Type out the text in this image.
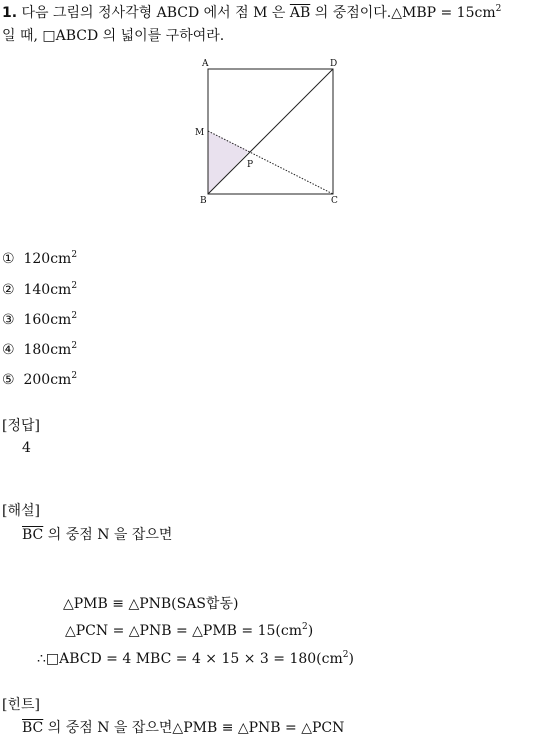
1. 다음 그림의 정사각형 ABCD 에서 점 M 은 $\overline{AB}$ 의 중점이다.△MBP = $15cm^2$
일 때, □ABCD 의 넓이를 구하여라.
A	D
M
P
B	C
① $120cm^2$
② $140cm^2$
③ $160cm^2$
④ $180cm^2$
⑤ $200cm^2$
[정답]
4
[해설]
$\overline{BC}$ 의 중점 N 을 잡으면
△PMB ≡ △PNB(SAS합동)
△PCN = △PNB = △PMB = $15(cm^2)$
∴□ABCD = 4 MBC = $4 \times 15 \times 3 = 180(cm^2)$
[힌트]
$\overline{BC}$ 의 중점 N 을 잡으면△PMB ≡ △PNB = △PCN
